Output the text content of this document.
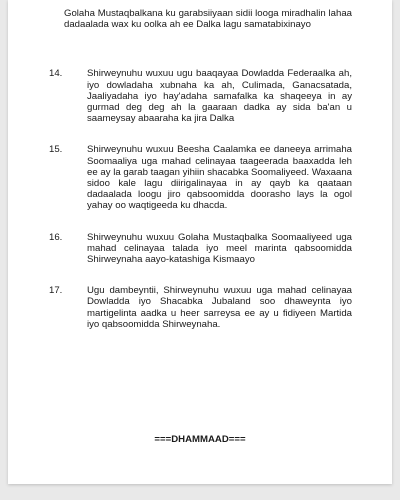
Golaha Mustaqbalkana ku garabsiiyaan sidii looga miradhalin lahaa dadaalada wax ku oolka ah ee Dalka lagu samatabixinayo

14.	Shirweynuhu wuxuu ugu baaqayaa Dowladda Federaalka ah, iyo dowladaha xubnaha ka ah, Culimada, Ganacsatada, Jaaliyadaha iyo hay'adaha samafalka ka shaqeeya in ay gurmad deg deg ah la gaaraan dadka ay sida ba'an u saameysay abaaraha ka jira Dalka
15.	Shirweynuhu wuxuu Beesha Caalamka ee daneeya arrimaha Soomaaliya uga mahad celinayaa taageerada baaxadda leh ee ay la garab taagan yihiin shacabka Soomaliyeed. Waxaana sidoo kale lagu diirigalinayaa in ay qayb ka qaataan dadaalada loogu jiro qabsoomidda doorasho lays la ogol yahay oo waqtigeeda ku dhacda.
16.	Shirweynuhu wuxuu Golaha Mustaqbalka Soomaaliyeed uga mahad celinayaa talada iyo meel marinta qabsoomidda Shirweynaha aayo-katashiga Kismaayo
17.	Ugu dambeyntii, Shirweynuhu wuxuu uga mahad celinayaa Dowladda iyo Shacabka Jubaland soo dhaweynta iyo martigelinta aadka u heer sarreysa ee ay u fidiyeen Martida iyo qabsoomidda Shirweynaha.
===DHAMMAAD===
